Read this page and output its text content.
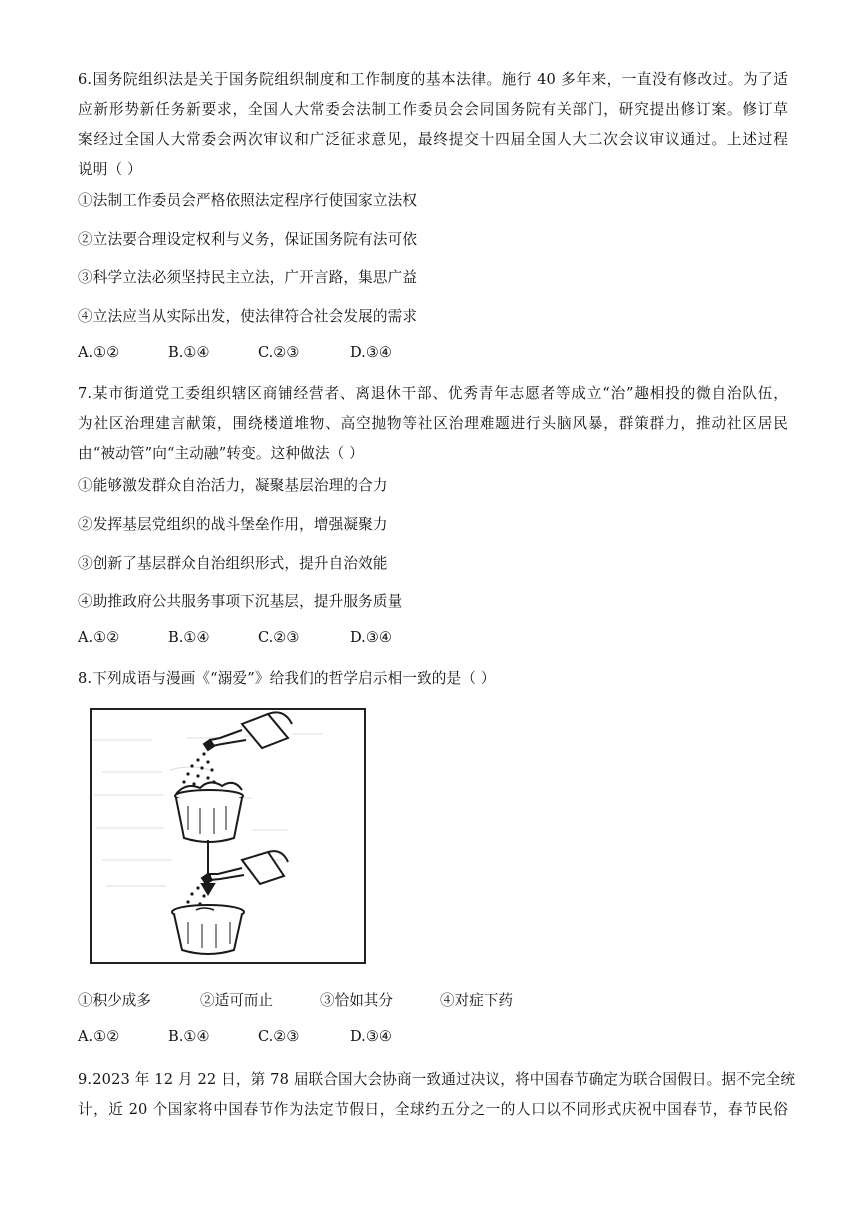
6.国务院组织法是关于国务院组织制度和工作制度的基本法律。施行 40 多年来，一直没有修改过。为了适
应新形势新任务新要求，全国人大常委会法制工作委员会会同国务院有关部门，研究提出修订案。修订草
案经过全国人大常委会两次审议和广泛征求意见，最终提交十四届全国人大二次会议审议通过。上述过程
说明（ ）
①法制工作委员会严格依照法定程序行使国家立法权
②立法要合理设定权利与义务，保证国务院有法可依
③科学立法必须坚持民主立法，广开言路，集思广益
④立法应当从实际出发，使法律符合社会发展的需求
A.①②	B.①④	C.②③	D.③④
7.某市街道党工委组织辖区商铺经营者、离退休干部、优秀青年志愿者等成立“治”趣相投的微自治队伍，
为社区治理建言献策，围绕楼道堆物、高空抛物等社区治理难题进行头脑风暴，群策群力，推动社区居民
由“被动管”向“主动融”转变。这种做法（ ）
①能够激发群众自治活力，凝聚基层治理的合力
②发挥基层党组织的战斗堡垒作用，增强凝聚力
③创新了基层群众自治组织形式，提升自治效能
④助推政府公共服务事项下沉基层，提升服务质量
A.①②	B.①④	C.②③	D.③④
8.下列成语与漫画《“溺爱”》给我们的哲学启示相一致的是（ ）
①积少成多	②适可而止	③恰如其分	④对症下药
A.①②	B.①④	C.②③	D.③④
9.2023 年 12 月 22 日，第 78 届联合国大会协商一致通过决议，将中国春节确定为联合国假日。据不完全统
计，近 20 个国家将中国春节作为法定节假日，全球约五分之一的人口以不同形式庆祝中国春节，春节民俗
